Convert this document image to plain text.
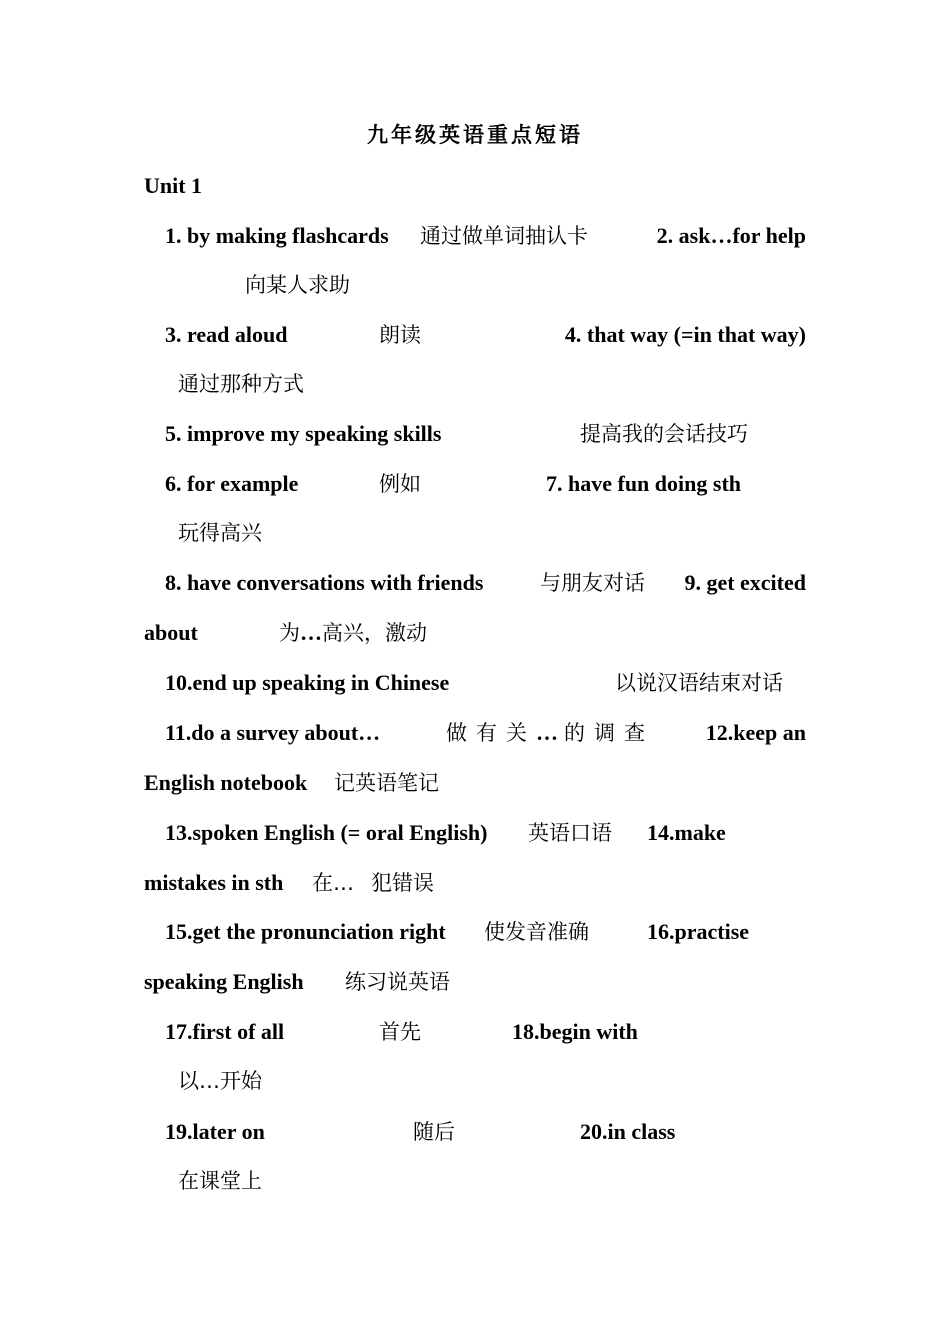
九年级英语重点短语
Unit 1
1. by making flashcards 通过做单词抽认卡	2. ask…for help
向某人求助
3. read aloud	朗读	4. that way (=in that way)
通过那种方式
5. improve my speaking skills	提高我的会话技巧
6. for example	例如	7. have fun doing sth
玩得高兴
8. have conversations with friends	与朋友对话	9. get excited
about	为…高兴，激动
10.end up speaking in Chinese	以说汉语结束对话
11.do a survey about…	做有关… 的调查	12.keep an
English notebook 记英语笔记
13.spoken English (= oral English) 英语口语 14.make
mistakes in sth 在… 犯错误
15.get the pronunciation right 使发音准确	16.practise
speaking English 练习说英语
17.first of all	首先	18.begin with
以…开始
19.later on	随后	20.in class
在课堂上
